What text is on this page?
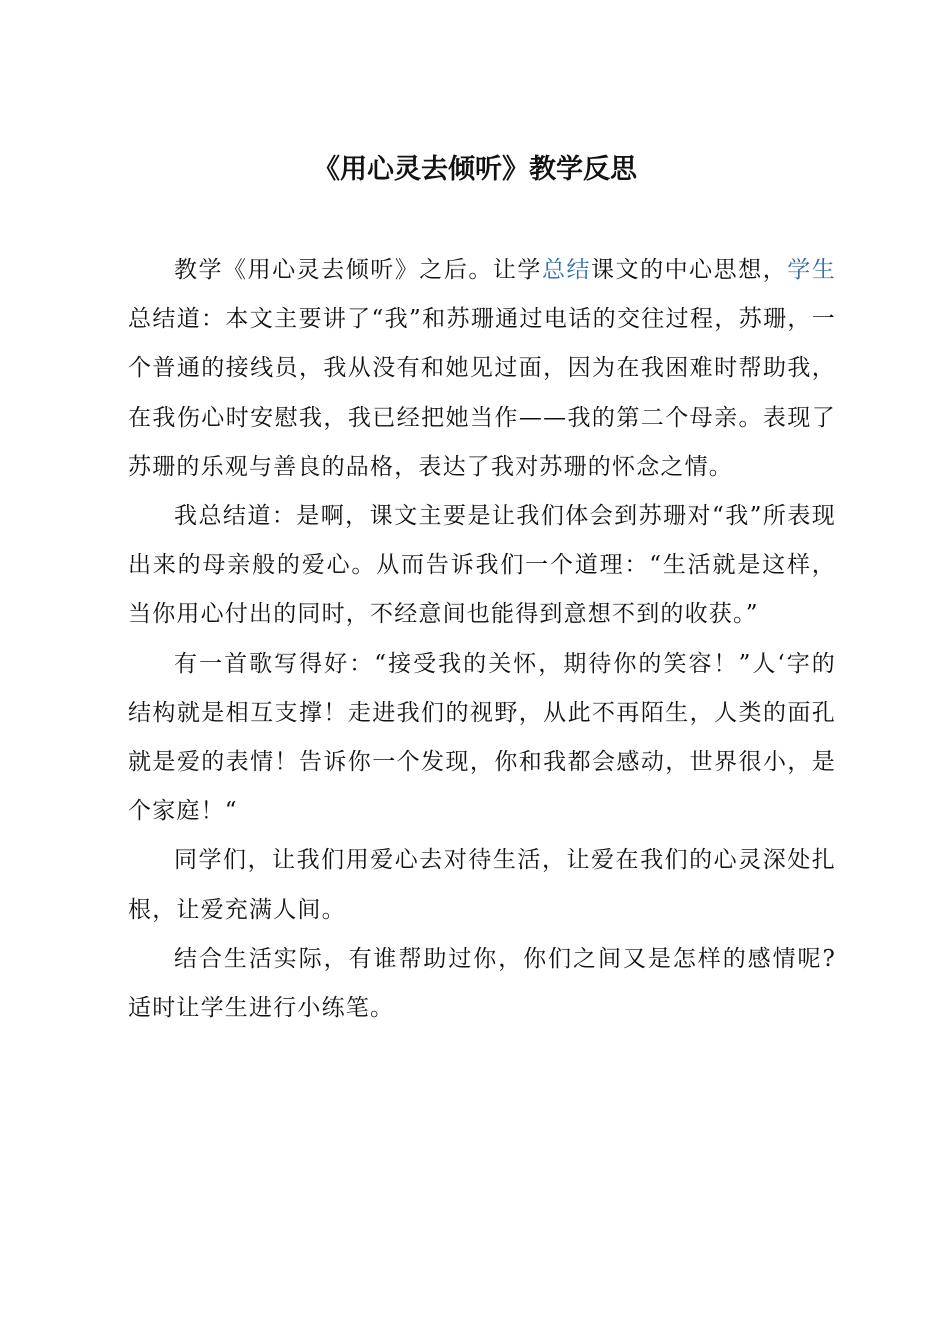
《用心灵去倾听》教学反思

教学《用心灵去倾听》之后。让学总结课文的中心思想，学生总结道：本文主要讲了“我”和苏珊通过电话的交往过程，苏珊，一个普通的接线员，我从没有和她见过面，因为在我困难时帮助我，在我伤心时安慰我，我已经把她当作——我的第二个母亲。表现了苏珊的乐观与善良的品格，表达了我对苏珊的怀念之情。

我总结道：是啊，课文主要是让我们体会到苏珊对“我”所表现出来的母亲般的爱心。从而告诉我们一个道理：“生活就是这样，当你用心付出的同时，不经意间也能得到意想不到的收获。”

有一首歌写得好：“接受我的关怀，期待你的笑容！”人‘字的结构就是相互支撑！走进我们的视野，从此不再陌生，人类的面孔就是爱的表情！告诉你一个发现，你和我都会感动，世界很小，是个家庭！“

同学们，让我们用爱心去对待生活，让爱在我们的心灵深处扎根，让爱充满人间。

结合生活实际，有谁帮助过你，你们之间又是怎样的感情呢?适时让学生进行小练笔。
